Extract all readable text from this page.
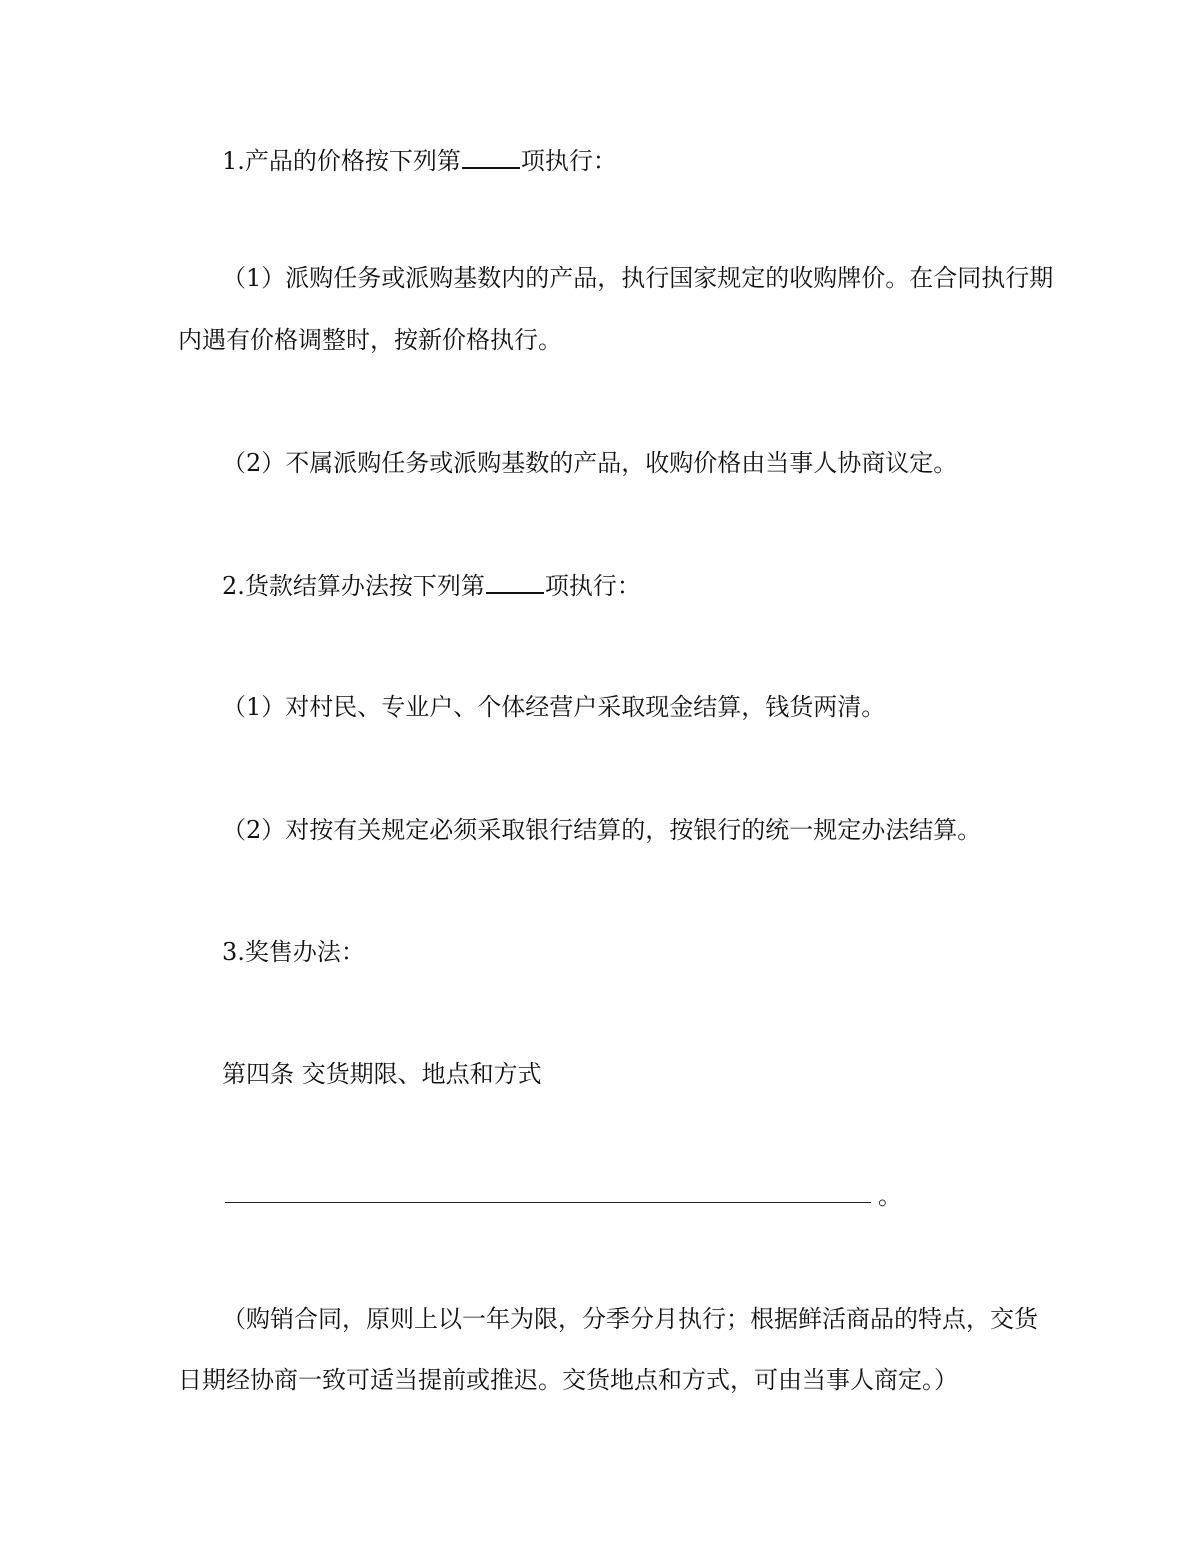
1.产品的价格按下列第	项执行：

（1）派购任务或派购基数内的产品，执行国家规定的收购牌价。在合同执行期

内遇有价格调整时，按新价格执行。

（2）不属派购任务或派购基数的产品，收购价格由当事人协商议定。

2.货款结算办法按下列第	项执行：

（1）对村民、专业户、个体经营户采取现金结算，钱货两清。

（2）对按有关规定必须采取银行结算的，按银行的统一规定办法结算。

3.奖售办法：

第四条 交货期限、地点和方式

。

（购销合同，原则上以一年为限，分季分月执行；根据鲜活商品的特点，交货

日期经协商一致可适当提前或推迟。交货地点和方式，可由当事人商定。）
